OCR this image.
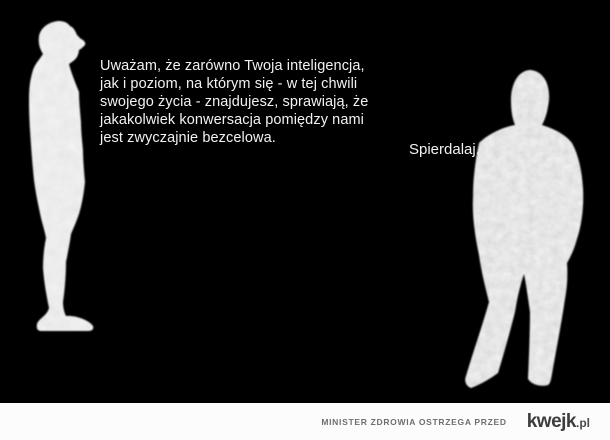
Uważam, że zarówno Twoja inteligencja,
jak i poziom, na którym się - w tej chwili
swojego życia - znajdujesz, sprawiają, że
jakakolwiek konwersacja pomiędzy nami
jest zwyczajnie bezcelowa.
Spierdalaj.
MINISTER ZDROWIA OSTRZEGA PRZED kwejk .pl
